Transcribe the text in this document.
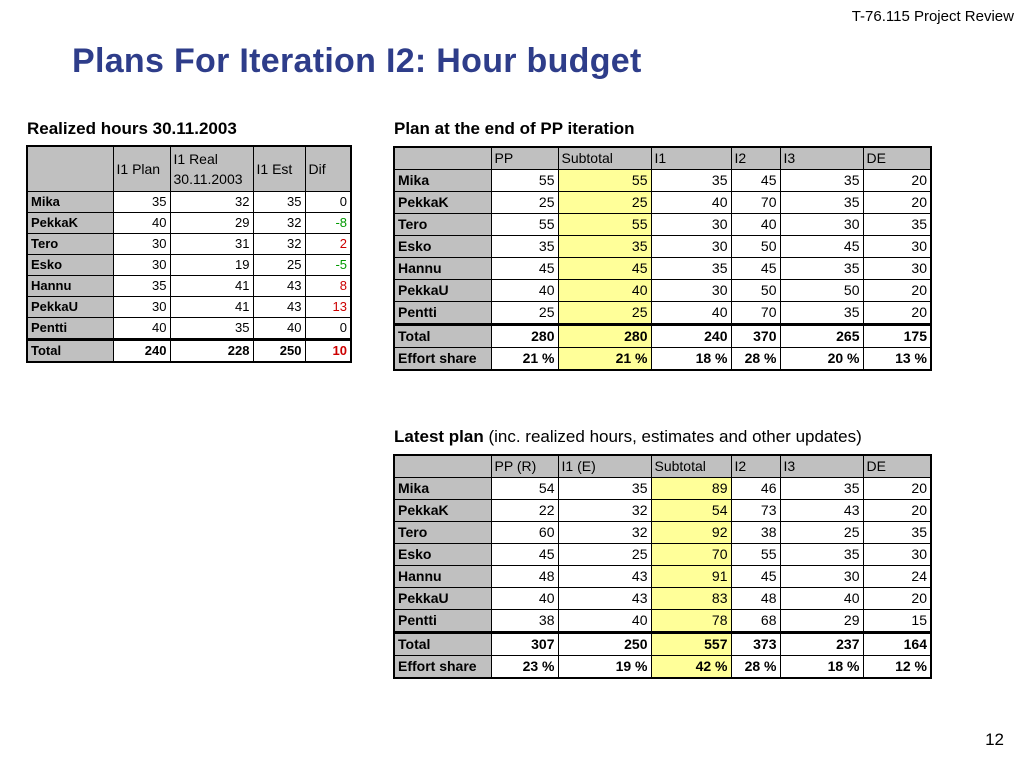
T-76.115 Project Review
Plans For Iteration I2: Hour budget
Realized hours 30.11.2003
	I1 Plan	I1 Real 30.11.2003	I1 Est	Dif
Mika	35	32	35	0
PekkaK	40	29	32	-8
Tero	30	31	32	2
Esko	30	19	25	-5
Hannu	35	41	43	8
PekkaU	30	41	43	13
Pentti	40	35	40	0
Total	240	228	250	10
Plan at the end of PP iteration
	PP	Subtotal	I1	I2	I3	DE
Mika	55	55	35	45	35	20
PekkaK	25	25	40	70	35	20
Tero	55	55	30	40	30	35
Esko	35	35	30	50	45	30
Hannu	45	45	35	45	35	30
PekkaU	40	40	30	50	50	20
Pentti	25	25	40	70	35	20
Total	280	280	240	370	265	175
Effort share	21 %	21 %	18 %	28 %	20 %	13 %
Latest plan (inc. realized hours, estimates and other updates)
	PP (R)	I1 (E)	Subtotal	I2	I3	DE
Mika	54	35	89	46	35	20
PekkaK	22	32	54	73	43	20
Tero	60	32	92	38	25	35
Esko	45	25	70	55	35	30
Hannu	48	43	91	45	30	24
PekkaU	40	43	83	48	40	20
Pentti	38	40	78	68	29	15
Total	307	250	557	373	237	164
Effort share	23 %	19 %	42 %	28 %	18 %	12 %
12
